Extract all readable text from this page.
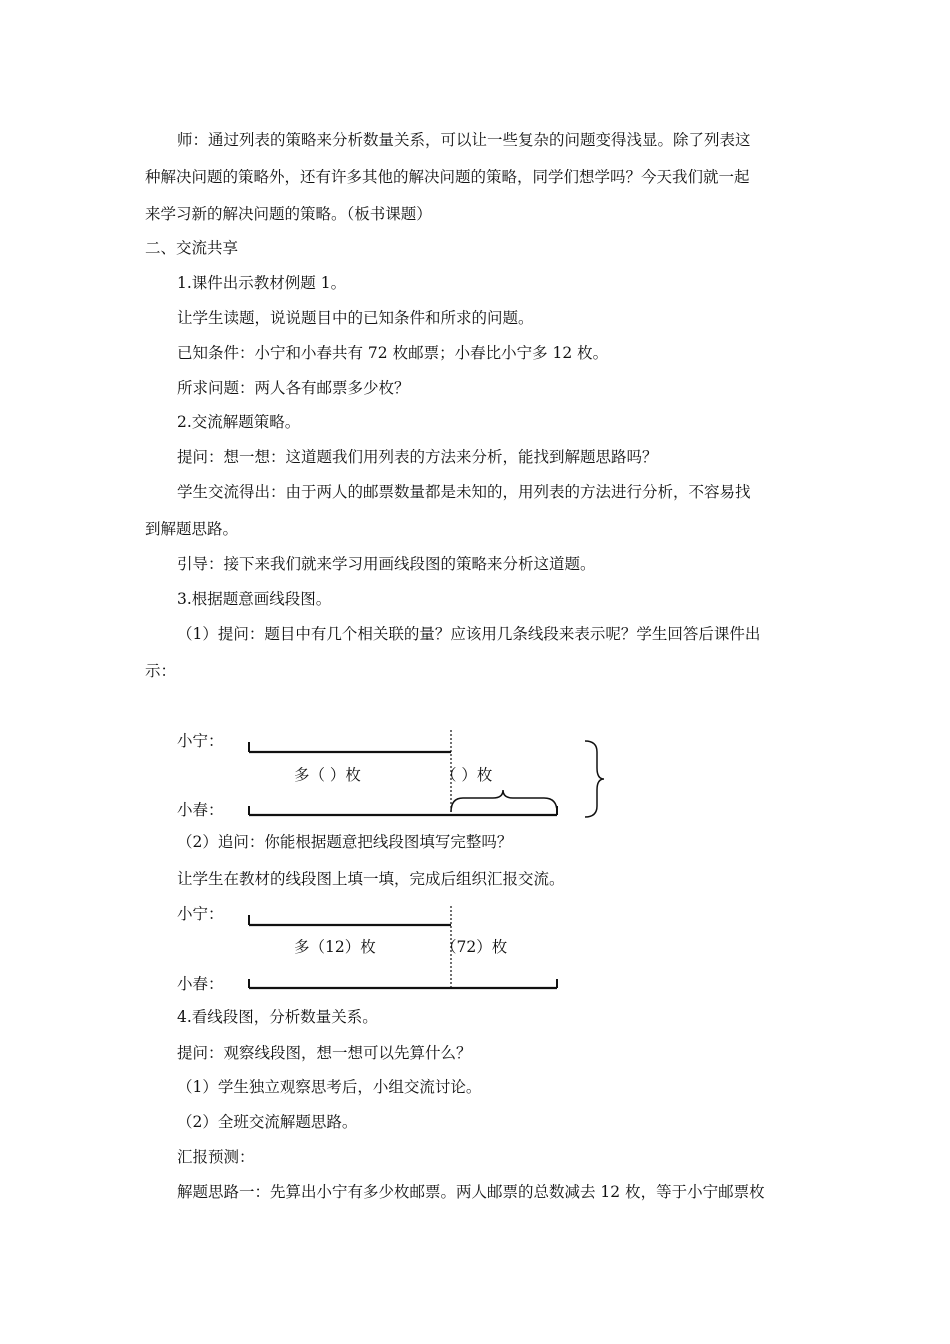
师：通过列表的策略来分析数量关系，可以让一些复杂的问题变得浅显。除了列表这

种解决问题的策略外，还有许多其他的解决问题的策略，同学们想学吗？今天我们就一起

来学习新的解决问题的策略。（板书课题）

二、交流共享

1.课件出示教材例题 1。

让学生读题，说说题目中的已知条件和所求的问题。

已知条件：小宁和小春共有 72 枚邮票；小春比小宁多 12 枚。

所求问题：两人各有邮票多少枚？

2.交流解题策略。

提问：想一想：这道题我们用列表的方法来分析，能找到解题思路吗？

学生交流得出：由于两人的邮票数量都是未知的，用列表的方法进行分析，不容易找

到解题思路。

引导：接下来我们就来学习用画线段图的策略来分析这道题。

3.根据题意画线段图。

（1）提问：题目中有几个相关联的量？应该用几条线段来表示呢？学生回答后课件出

示：

（2）追问：你能根据题意把线段图填写完整吗？

让学生在教材的线段图上填一填，完成后组织汇报交流。

4.看线段图，分析数量关系。

提问：观察线段图，想一想可以先算什么？

（1）学生独立观察思考后，小组交流讨论。

（2）全班交流解题思路。

汇报预测：

解题思路一：先算出小宁有多少枚邮票。两人邮票的总数减去 12 枚，等于小宁邮票枚

小宁：
小春：
多（ ）枚	（ ）枚
小宁：
小春：
多（12）枚	（72）枚
